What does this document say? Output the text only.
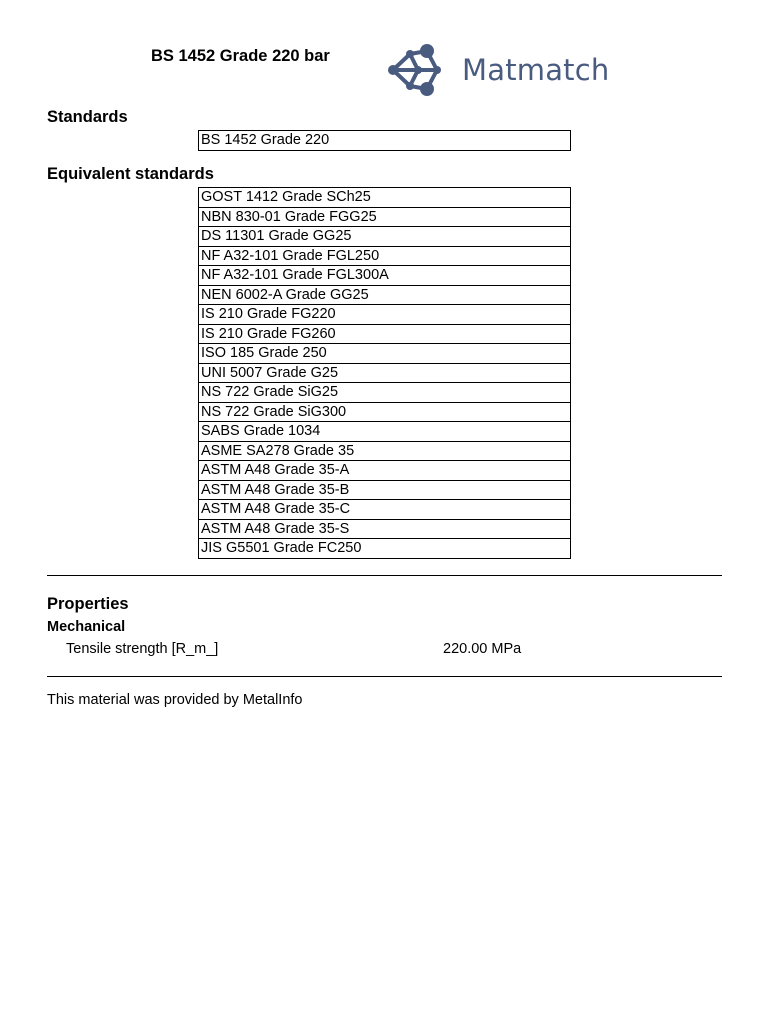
BS 1452 Grade 220 bar	Matmatch
Standards
BS 1452 Grade 220
Equivalent standards
GOST 1412 Grade SCh25
NBN 830-01 Grade FGG25
DS 11301 Grade GG25
NF A32-101 Grade FGL250
NF A32-101 Grade FGL300A
NEN 6002-A Grade GG25
IS 210 Grade FG220
IS 210 Grade FG260
ISO 185 Grade 250
UNI 5007 Grade G25
NS 722 Grade SiG25
NS 722 Grade SiG300
SABS Grade 1034
ASME SA278 Grade 35
ASTM A48 Grade 35-A
ASTM A48 Grade 35-B
ASTM A48 Grade 35-C
ASTM A48 Grade 35-S
JIS G5501 Grade FC250
Properties
Mechanical
Tensile strength [R_m_]	220.00 MPa
This material was provided by MetalInfo
